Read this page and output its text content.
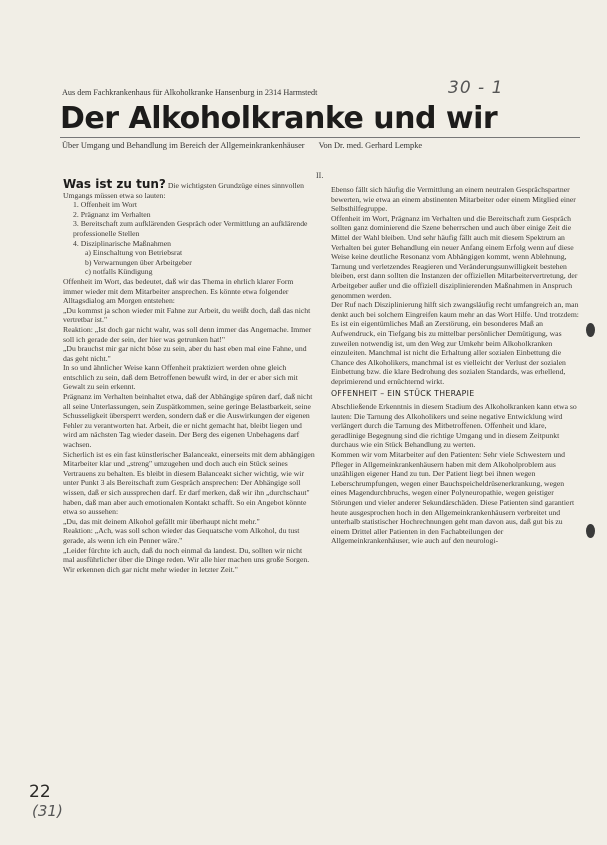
Aus dem Fachkrankenhaus für Alkoholkranke Hansenburg in 2314 Harmstedt	30 - 1
Der Alkoholkranke und wir
Über Umgang und Behandlung im Bereich der Allgemeinkrankenhäuser Von Dr. med. Gerhard Lempke
II.

Was ist zu tun? Die wichtigsten Grundzüge eines sinnvollen Umgangs müssen etwa so lauten:

1. Offenheit im Wort
2. Prägnanz im Verhalten
3. Bereitschaft zum aufklärenden Gespräch oder Vermittlung an aufklärende professionelle Stellen
4. Disziplinarische Maßnahmen
a) Einschaltung von Betriebsrat
b) Verwarnungen über Arbeitgeber
c) notfalls Kündigung

Offenheit im Wort, das bedeutet, daß wir das Thema in ehrlich klarer Form immer wieder mit dem Mitarbeiter ansprechen. Es könnte etwa folgender Alltagsdialog am Morgen entstehen:

„Du kommst ja schon wieder mit Fahne zur Arbeit, du weißt doch, daß das nicht vertretbar ist."

Reaktion: „Ist doch gar nicht wahr, was soll denn immer das Angemache. Immer soll ich gerade der sein, der hier was getrunken hat!"

„Du brauchst mir gar nicht böse zu sein, aber du hast eben mal eine Fahne, und das geht nicht."

In so und ähnlicher Weise kann Offenheit praktiziert werden ohne gleich entschlich zu sein, daß dem Betroffenen bewußt wird, in der er aber sich mit Gewalt zu sein erkennt.

Prägnanz im Verhalten beinhaltet etwa, daß der Abhängige spüren darf, daß nicht all seine Unterlassungen, sein Zuspätkommen, seine geringe Belastbarkeit, seine Schusseligkeit übersperrt werden, sondern daß er die Auswirkungen der eigenen Fehler zu verantworten hat. Arbeit, die er nicht gemacht hat, bleibt liegen und wird am nächsten Tag wieder dasein. Der Berg des eigenen Unbehagens darf wachsen.

Sicherlich ist es ein fast künstlerischer Balanceakt, einerseits mit dem abhängigen Mitarbeiter klar und „streng" umzugehen und doch auch ein Stück seines Vertrauens zu behalten. Es bleibt in diesem Balanceakt sicher wichtig, wie wir unter Punkt 3 als Bereitschaft zum Gespräch ansprechen: Der Abhängige soll wissen, daß er sich aussprechen darf. Er darf merken, daß wir ihn „durchschaut" haben, daß man aber auch emotionalen Kontakt schafft. So ein Angebot könnte etwa so aussehen:

„Du, das mit deinem Alkohol gefällt mir überhaupt nicht mehr."

Reaktion: „Ach, was soll schon wieder das Gequatsche vom Alkohol, du tust gerade, als wenn ich ein Penner wäre."

„Leider fürchte ich auch, daß du noch einmal da landest. Du, sollten wir nicht mal ausführlicher über die Dinge reden. Wir alle hier machen uns große Sorgen. Wir erkennen dich gar nicht mehr wieder in letzter Zeit."

Ebenso fällt sich häufig die Vermittlung an einem neutralen Gesprächspartner bewerten, wie etwa an einem abstinenten Mitarbeiter oder einem Mitglied einer Selbsthilfegruppe.

Offenheit im Wort, Prägnanz im Verhalten und die Bereitschaft zum Gespräch sollten ganz dominierend die Szene beherrschen und auch über einige Zeit die Mittel der Wahl bleiben. Und sehr häufig fällt auch mit diesem Spektrum an Verhalten bei guter Behandlung ein neuer Anfang einem Erfolg wenn auf diese Weise keine deutliche Resonanz vom Abhängigen kommt, wenn Ablehnung, Tarnung und verletzendes Reagieren und Veränderungsunwilligkeit bestehen bleiben, erst dann sollten die Instanzen der offiziellen Mitarbeitervertretung, der Arbeitgeber außer und die offiziell disziplinierenden Maßnahmen in Anspruch genommen werden.

Der Ruf nach Disziplinierung hilft sich zwangsläufig recht umfangreich an, man denkt auch bei solchem Eingreifen kaum mehr an das Wort Hilfe. Und trotzdem: Es ist ein eigentümliches Maß an Zerstörung, ein besonderes Maß an Aufwendruck, ein Tiefgang bis zu mittelbar persönlicher Demütigung, was zuweilen notwendig ist, um den Weg zur Umkehr beim Alkoholkranken einzuleiten. Manchmal ist nicht die Erhaltung aller sozialen Einbettung die Chance des Alkoholikers, manchmal ist es vielleicht der Verlust der sozialen Einbettung bzw. die klare Bedrohung des sozialen Standards, was erhellend, deprimierend und ernüchternd wirkt.

OFFENHEIT – EIN STÜCK THERAPIE

Abschließende Erkenntnis in diesem Stadium des Alkoholkranken kann etwa so lauten: Die Tarnung des Alkoholikers und seine negative Entwicklung wird verlängert durch die Tarnung des Mitbetroffenen. Offenheit und klare, geradlinige Begegnung sind die richtige Umgang und in diesem Zeitpunkt durchaus wie ein Stück Behandlung zu werten.

Kommen wir vom Mitarbeiter auf den Patienten: Sehr viele Schwestern und Pfleger in Allgemeinkrankenhäusern haben mit dem Alkoholproblem aus unzähligen eigener Hand zu tun. Der Patient liegt bei ihnen wegen Leberschrumpfungen, wegen einer Bauchspeicheldrüsenerkrankung, wegen eines Magendurchbruchs, wegen einer Polyneuropathie, wegen geistiger Störungen und vieler anderer Sekundärschäden. Diese Patienten sind garantiert heute ausgesprochen hoch in den Allgemeinkrankenhäusern verbreitet und unterhalb statistischer Hochrechnungen geht man davon aus, daß gut bis zu einem Drittel aller Patienten in den Fachabteilungen der Allgemeinkrankenhäuser, wie auch auf den neurologi-

22
(31)
